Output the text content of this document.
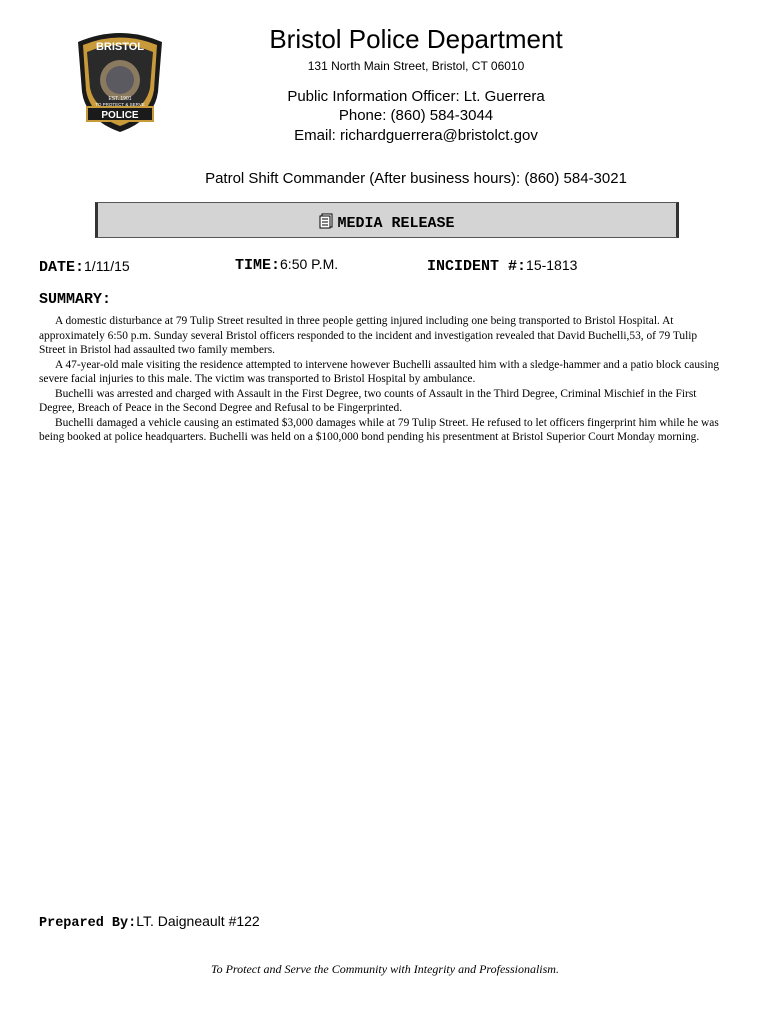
BRISTOL
POLICE
EST. 1901
TO PROTECT & SERVE
Bristol Police Department
131 North Main Street, Bristol, CT 06010
Public Information Officer: Lt. Guerrera
Phone: (860) 584-3044
Email: richardguerrera@bristolct.gov
Patrol Shift Commander (After business hours): (860) 584-3021
MEDIA RELEASE
DATE:1/11/15	TIME:6:50 P.M.	INCIDENT #:15-1813
SUMMARY:

A domestic disturbance at 79 Tulip Street resulted in three people getting injured including one being transported to Bristol Hospital. At approximately 6:50 p.m. Sunday several Bristol officers responded to the incident and investigation revealed that David Buchelli,53, of 79 Tulip Street in Bristol had assaulted two family members.

A 47-year-old male visiting the residence attempted to intervene however Buchelli assaulted him with a sledge-hammer and a patio block causing severe facial injuries to this male. The victim was transported to Bristol Hospital by ambulance.

Buchelli was arrested and charged with Assault in the First Degree, two counts of Assault in the Third Degree, Criminal Mischief in the First Degree, Breach of Peace in the Second Degree and Refusal to be Fingerprinted.

Buchelli damaged a vehicle causing an estimated $3,000 damages while at 79 Tulip Street. He refused to let officers fingerprint him while he was being booked at police headquarters. Buchelli was held on a $100,000 bond pending his presentment at Bristol Superior Court Monday morning.

Prepared By:LT. Daigneault #122
To Protect and Serve the Community with Integrity and Professionalism.
